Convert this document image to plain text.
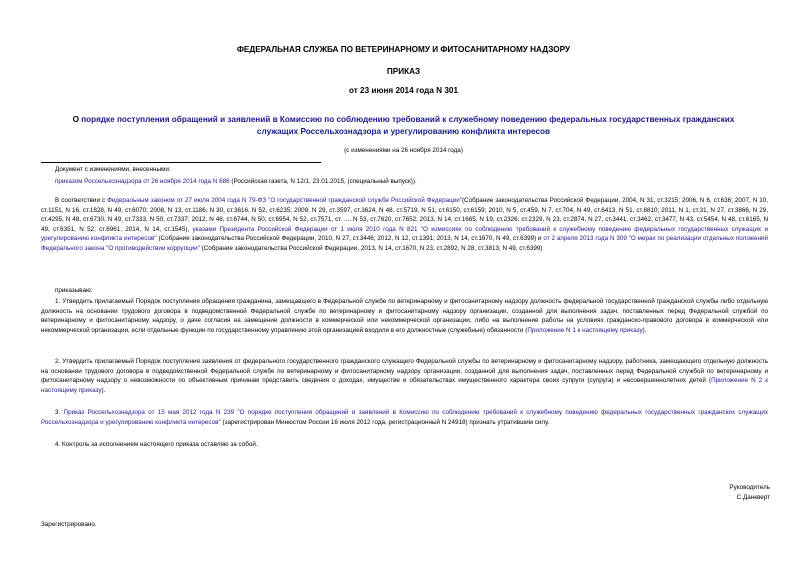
ФЕДЕРАЛЬНАЯ СЛУЖБА ПО ВЕТЕРИНАРНОМУ И ФИТОСАНИТАРНОМУ НАДЗОРУ
ПРИКАЗ
от 23 июня 2014 года N 301
О порядке поступления обращений и заявлений в Комиссию по соблюдению требований к служебному поведению федеральных государственных гражданских служащих Россельхознадзора и урегулированию конфликта интересов
(с изменениями на 26 ноября 2014 года)
Документ с изменениями, внесенными:
приказом Россельхознадзора от 26 ноября 2014 года N 686 (Российская газета, N 12/1, 23.01.2015, (специальный выпуск)).
В соответствии с Федеральным законом от 27 июля 2004 года N 79-ФЗ "О государственной гражданской службе Российской Федерации"(Собрание законодательства Российской Федерации, 2004, N 31, ст.3215; 2006, N 6, ст.636; 2007, N 10, ст.1151, N 16, ст.1828, N 49, ст.6070; 2008, N 13, ст.1186, N 30, ст.3616, N 52, ст.6235; 2009, N 29, ст.3597, ст.3624, N 48, ст.5719, N 51, ст.6150, ст.6159; 2010, N 5, ст.459, N 7, ст.704, N 49, ст.6413, N 51, ст.6810; 2011, N 1, ст.31, N 27, ст.3866, N 29, ст.4295, N 48, ст.6730, N 49, ст.7333, N 50, ст.7337; 2012, N 48, ст.6744, N 50, ст.6954, N 52, ст.7571, ст. .... N 53, ст.7620, ст.7652; 2013, N 14, ст.1665, N 19, ст.2326, ст.2329, N 23, ст.2874, N 27, ст.3441, ст.3462, ст.3477, N 43, ст.5454, N 48, ст.6165, N 49, ст.6351, N 52, ст.6961; 2014, N 14, ст.1545), указами Президента Российской Федерации от 1 июля 2010 года N 821 "О комиссиях по соблюдению требований к служебному поведению федеральных государственных служащих и урегулированию конфликта интересов" (Собрание законодательства Российской Федерации, 2010, N 27, ст.3446; 2012, N 12, ст.1391; 2013, N 14, ст.1670, N 49, ст.6399) и от 2 апреля 2013 года N 309 "О мерах по реализации отдельных положений Федерального закона "О противодействии коррупции" (Собрание законодательства Российской Федерации, 2013, N 14, ст.1670, N 23, ст.2892, N 28, ст.3813, N 49, ст.6399)
приказываю:
1. Утвердить прилагаемый Порядок поступления обращения гражданина, замещавшего в Федеральной службе по ветеринарному и фитосанитарному надзору должность федеральной государственной гражданской службы либо отдельную должность на основании трудового договора в подведомственной Федеральной службе по ветеринарному и фитосанитарному надзору организации, созданной для выполнения задач, поставленных перед Федеральной службой по ветеринарному и фитосанитарному надзору, о даче согласия на замещение должности в коммерческой или некоммерческой организации, либо на выполнение работы на условиях гражданско-правового договора в коммерческой или некоммерческой организации, если отдельные функции по государственному управлению этой организацией входили в его должностные (служебные) обязанности (Приложение N 1 к настоящему приказу).
2. Утвердить прилагаемый Порядок поступления заявления от федерального государственного гражданского служащего Федеральной службы по ветеринарному и фитосанитарному надзору, работника, замещающего отдельную должность на основании трудового договора в подведомственной Федеральной службе по ветеринарному и фитосанитарному надзору организации, созданной для выполнения задач, поставленных перед Федеральной службой по ветеринарному и фитосанитарному надзору о невозможности по объективным причинам представить сведения о доходах, имуществе и обязательствах имущественного характера своих супруги (супруга) и несовершеннолетних детей (Приложение N 2 к настоящему приказу).
3. Приказ Россельхознадзора от 15 мая 2012 года N 239 "О порядке поступления обращений и заявлений в Комиссию по соблюдению требований к служебному поведению федеральных государственных гражданских служащих Россельхознадзора и урегулированию конфликта интересов" (зарегистрирован Минюстом России 16 июля 2012 года, регистрационный N 24918) признать утратившим силу.
4. Контроль за исполнением настоящего приказа оставляю за собой.
Руководитель
С.Данкверт
Зарегистрировано.
